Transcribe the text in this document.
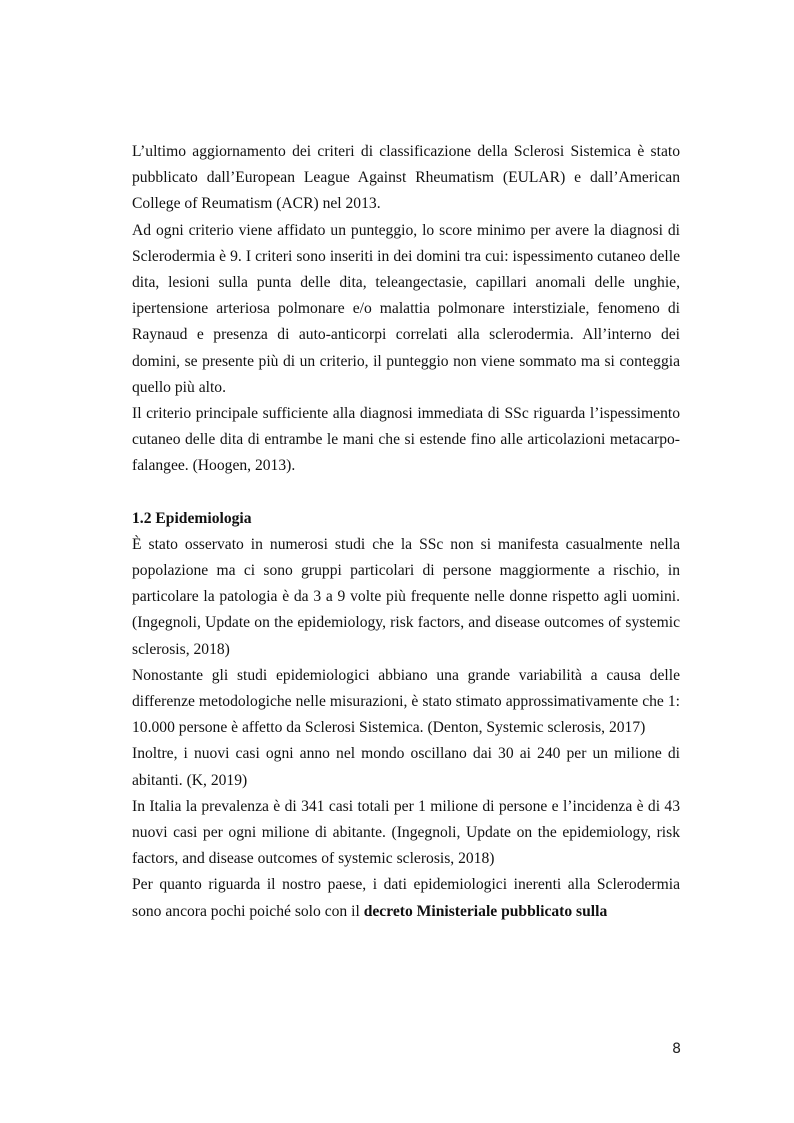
L’ultimo aggiornamento dei criteri di classificazione della Sclerosi Sistemica è stato pubblicato dall’European League Against Rheumatism (EULAR) e dall’American College of Reumatism (ACR) nel 2013.

Ad ogni criterio viene affidato un punteggio, lo score minimo per avere la diagnosi di Sclerodermia è 9. I criteri sono inseriti in dei domini tra cui: ispessimento cutaneo delle dita, lesioni sulla punta delle dita, teleangectasie, capillari anomali delle unghie, ipertensione arteriosa polmonare e/o malattia polmonare interstiziale, fenomeno di Raynaud e presenza di auto-anticorpi correlati alla sclerodermia. All’interno dei domini, se presente più di un criterio, il punteggio non viene sommato ma si conteggia quello più alto.

Il criterio principale sufficiente alla diagnosi immediata di SSc riguarda l’ispessimento cutaneo delle dita di entrambe le mani che si estende fino alle articolazioni metacarpo-falangee. (Hoogen, 2013).

1.2 Epidemiologia

È stato osservato in numerosi studi che la SSc non si manifesta casualmente nella popolazione ma ci sono gruppi particolari di persone maggiormente a rischio, in particolare la patologia è da 3 a 9 volte più frequente nelle donne rispetto agli uomini. (Ingegnoli, Update on the epidemiology, risk factors, and disease outcomes of systemic sclerosis, 2018)

Nonostante gli studi epidemiologici abbiano una grande variabilità a causa delle differenze metodologiche nelle misurazioni, è stato stimato approssimativamente che 1: 10.000 persone è affetto da Sclerosi Sistemica. (Denton, Systemic sclerosis, 2017)

Inoltre, i nuovi casi ogni anno nel mondo oscillano dai 30 ai 240 per un milione di abitanti. (K, 2019)

In Italia la prevalenza è di 341 casi totali per 1 milione di persone e l’incidenza è di 43 nuovi casi per ogni milione di abitante. (Ingegnoli, Update on the epidemiology, risk factors, and disease outcomes of systemic sclerosis, 2018)

Per quanto riguarda il nostro paese, i dati epidemiologici inerenti alla Sclerodermia sono ancora pochi poiché solo con il decreto Ministeriale pubblicato sulla

8
